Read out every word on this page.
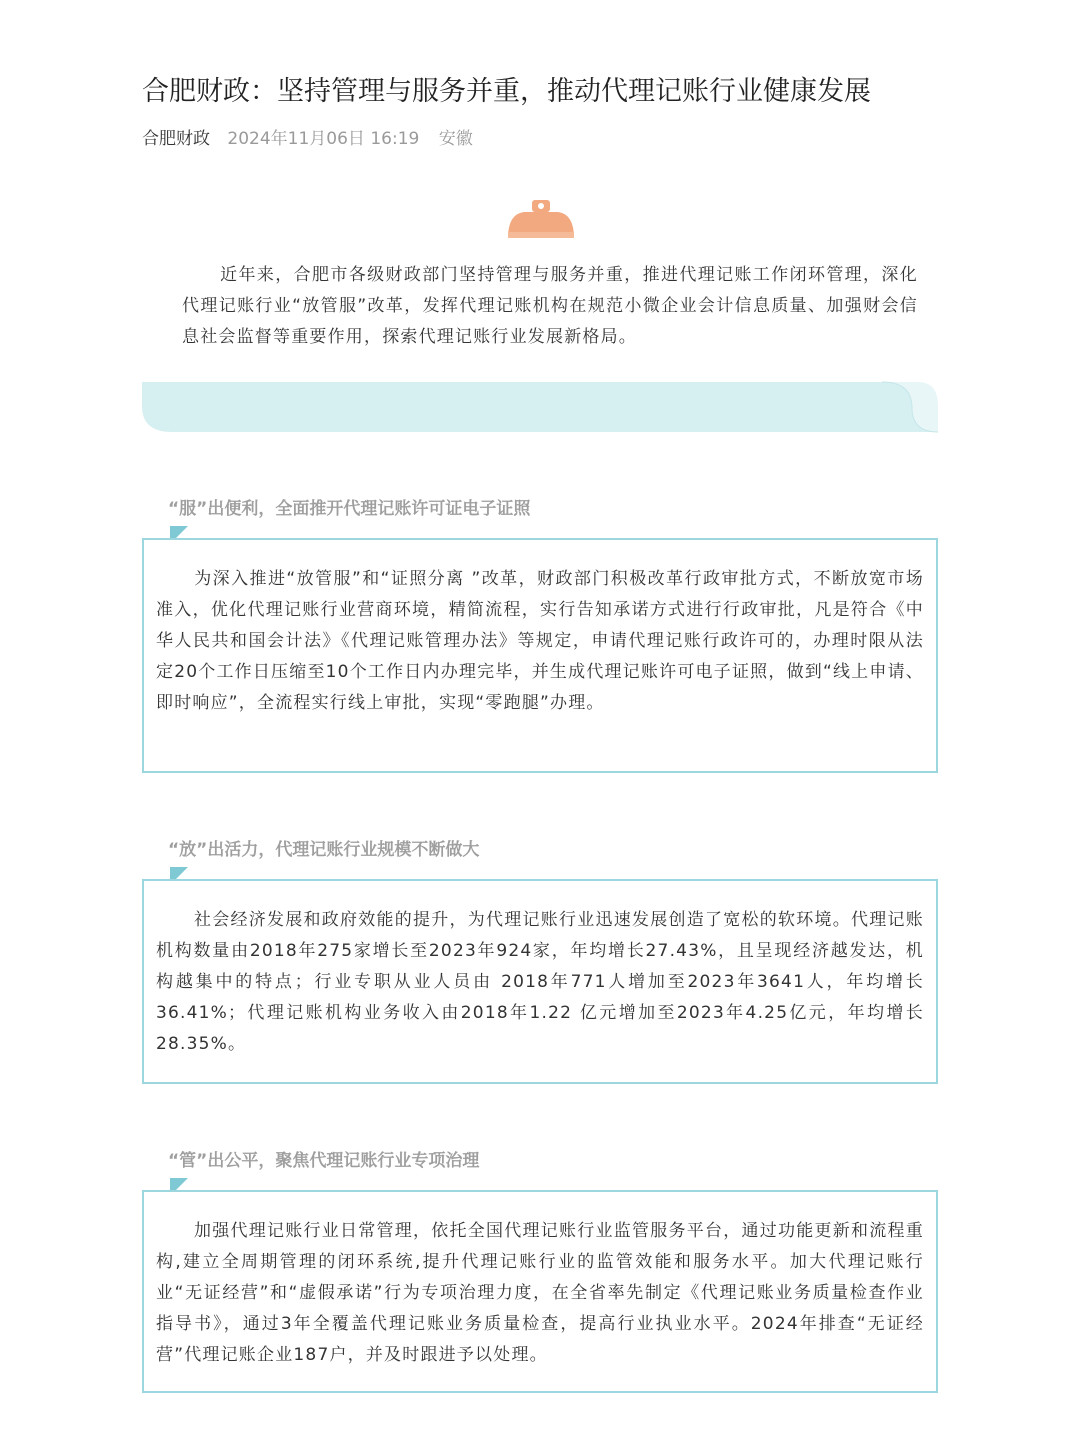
合肥财政：坚持管理与服务并重，推动代理记账行业健康发展
合肥财政 2024年11月06日 16:19 安徽
近年来，合肥市各级财政部门坚持管理与服务并重，推进代理记账工作闭环管理，深化代理记账行业“放管服”改革，发挥代理记账机构在规范小微企业会计信息质量、加强财会信息社会监督等重要作用，探索代理记账行业发展新格局。
“服”出便利，全面推开代理记账许可证电子证照
为深入推进“放管服”和“证照分离 ”改革，财政部门积极改革行政审批方式，不断放宽市场准入，优化代理记账行业营商环境，精简流程，实行告知承诺方式进行行政审批，凡是符合《中华人民共和国会计法》《代理记账管理办法》等规定，申请代理记账行政许可的，办理时限从法定20个工作日压缩至10个工作日内办理完毕，并生成代理记账许可电子证照，做到“线上申请、即时响应”，全流程实行线上审批，实现“零跑腿”办理。
“放”出活力，代理记账行业规模不断做大
社会经济发展和政府效能的提升，为代理记账行业迅速发展创造了宽松的软环境。代理记账机构数量由2018年275家增长至2023年924家，年均增长27.43%，且呈现经济越发达，机构越集中的特点；行业专职从业人员由 2018年771人增加至2023年3641人，年均增长36.41%；代理记账机构业务收入由2018年1.22 亿元增加至2023年4.25亿元，年均增长28.35%。
“管”出公平，聚焦代理记账行业专项治理
加强代理记账行业日常管理，依托全国代理记账行业监管服务平台，通过功能更新和流程重构,建立全周期管理的闭环系统,提升代理记账行业的监管效能和服务水平。加大代理记账行业“无证经营”和“虚假承诺”行为专项治理力度，在全省率先制定《代理记账业务质量检查作业指导书》，通过3年全覆盖代理记账业务质量检查，提高行业执业水平。2024年排查“无证经营”代理记账企业187户，并及时跟进予以处理。
